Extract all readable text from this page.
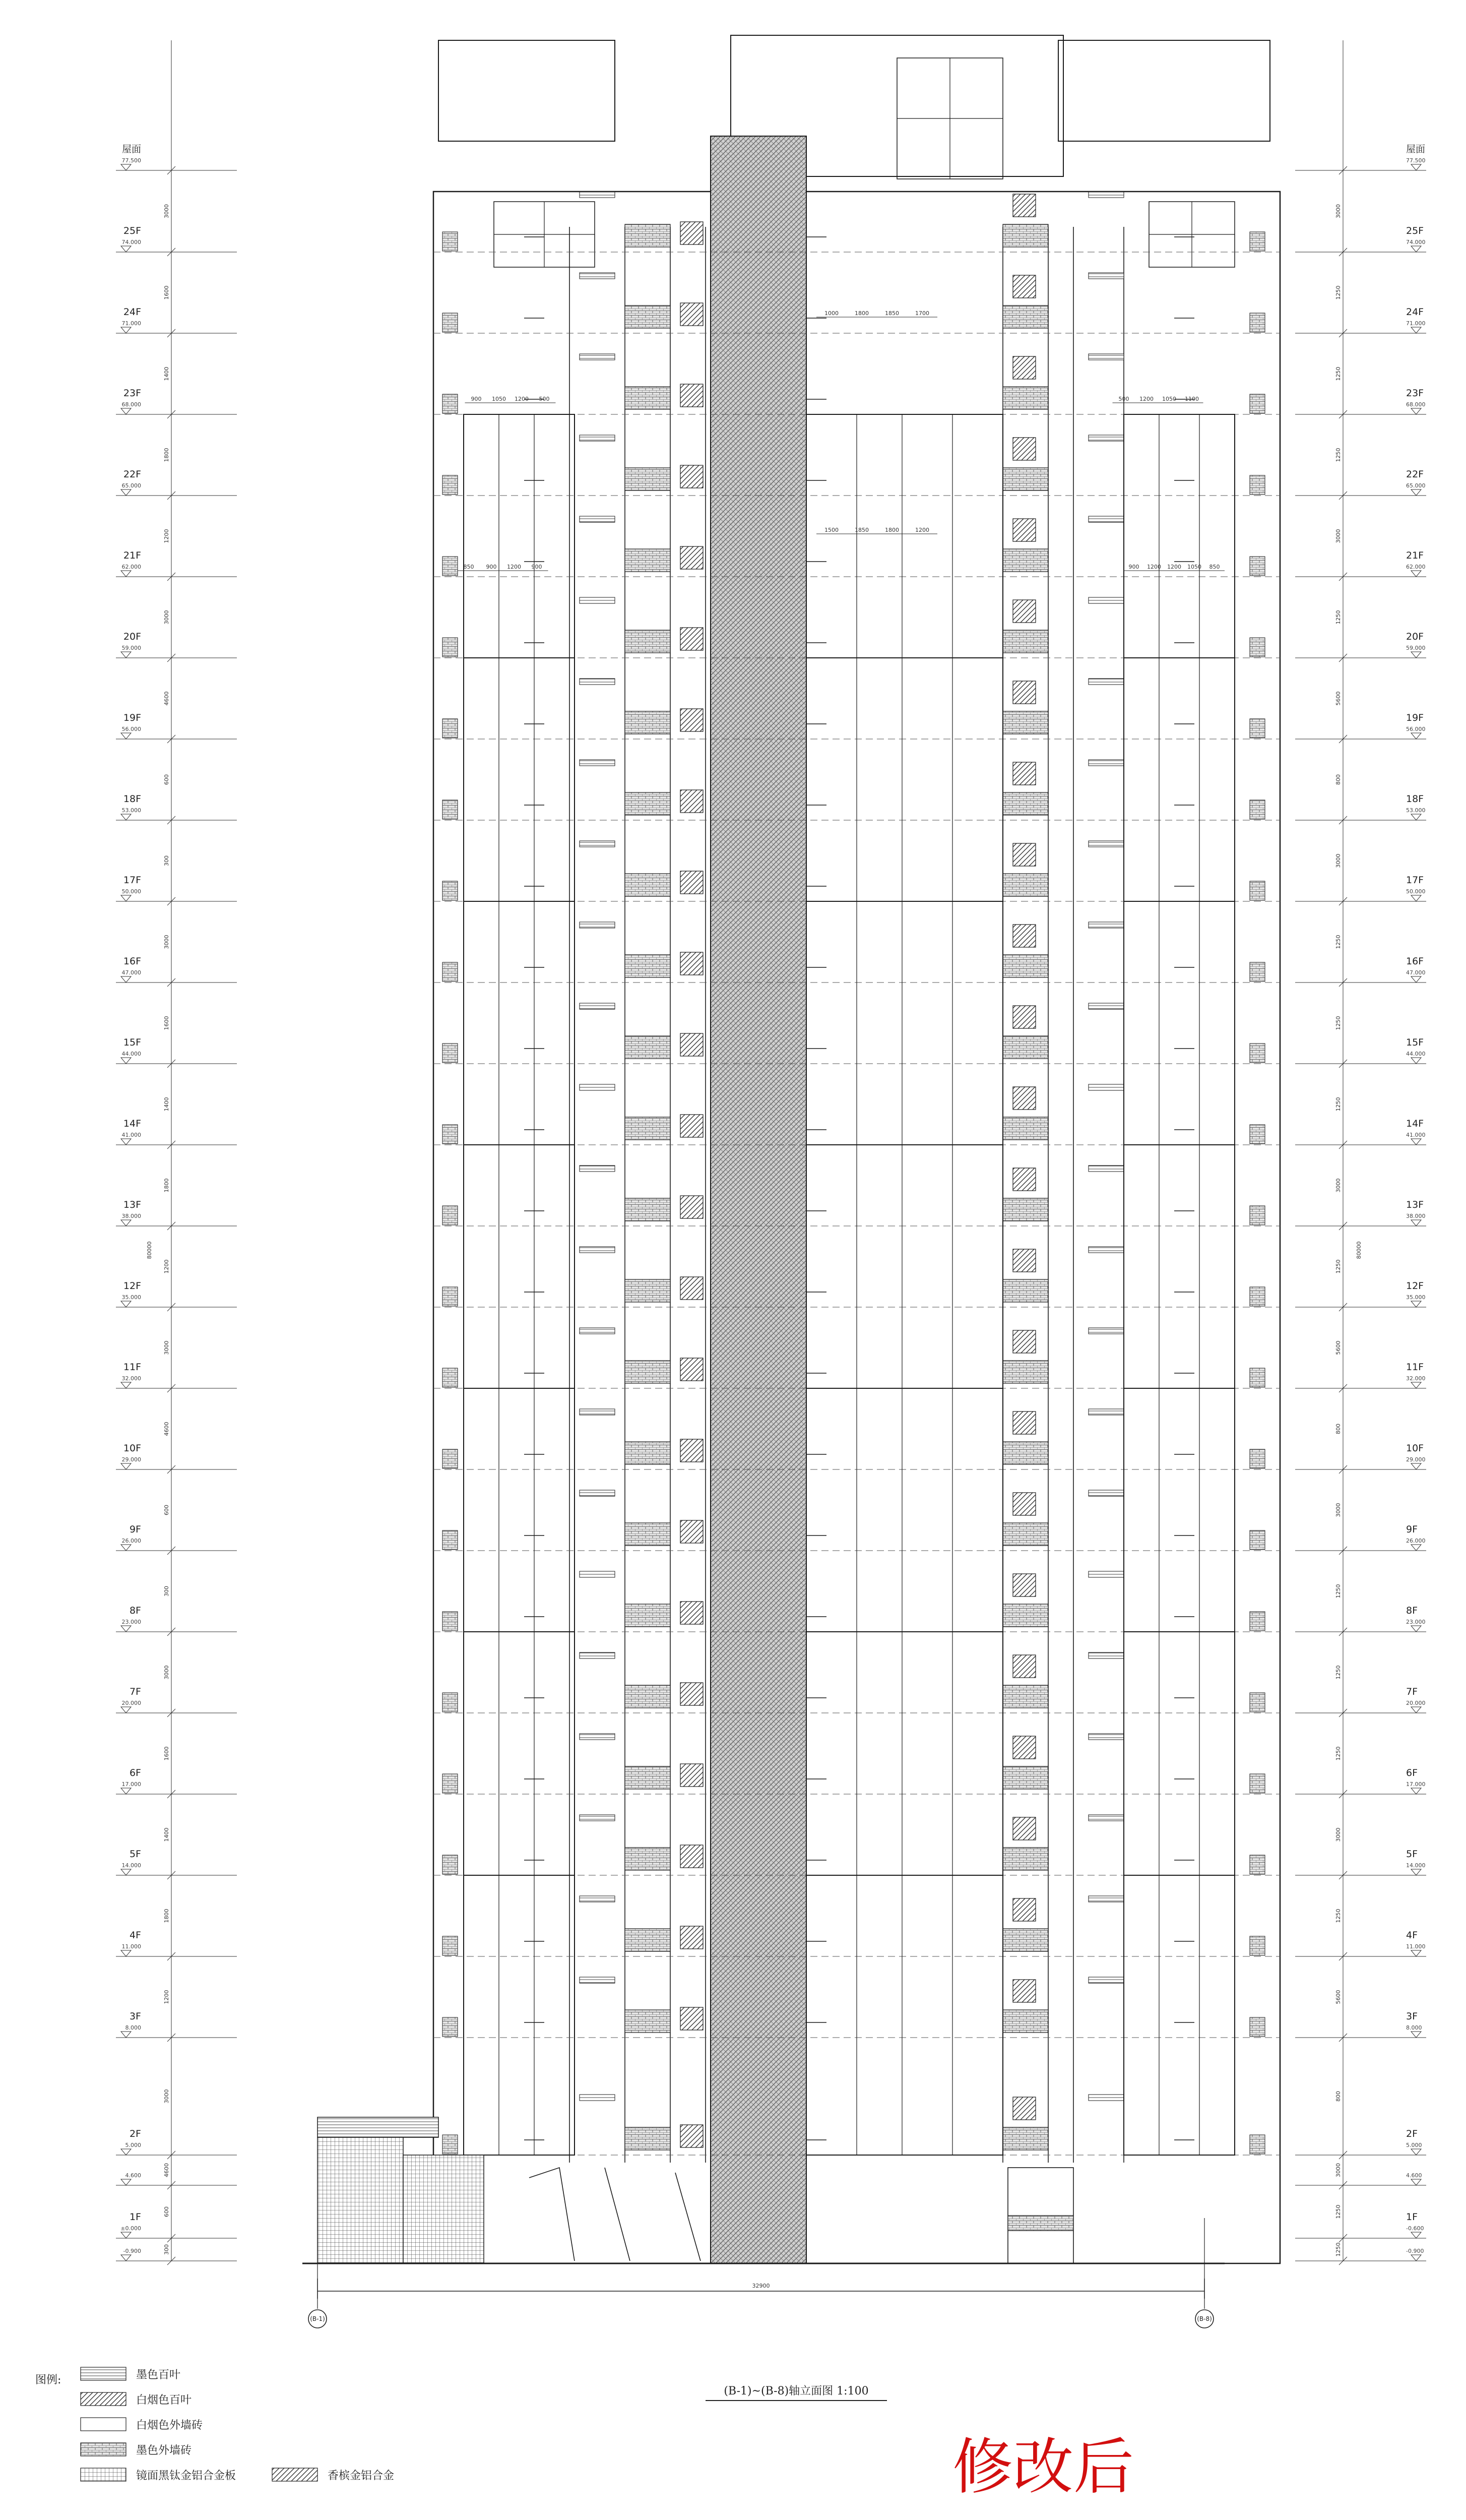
屋面
77.500
25F
74.000
24F
71.000
23F
68.000
22F
65.000
21F
62.000
20F
59.000
19F
56.000
18F
53.000
17F
50.000
16F
47.000
15F
44.000
14F
41.000
13F
38.000
12F
35.000
11F
32.000
10F
29.000
9F
26.000
8F
23.000
7F
20.000
6F
17.000
5F
14.000
4F
11.000
3F
8.000
2F
5.000
4.600
1F
±0.000
-0.900
3000
1600
1400
1800
1200
3000
4600
600
300
3000
1600
1400
1800
1200
3000
4600
600
300
3000
1600
1400
1800
1200
3000
4600
600
300
80000
屋面
77.500
25F
74.000
24F
71.000
23F
68.000
22F
65.000
21F
62.000
20F
59.000
19F
56.000
18F
53.000
17F
50.000
16F
47.000
15F
44.000
14F
41.000
13F
38.000
12F
35.000
11F
32.000
10F
29.000
9F
26.000
8F
23.000
7F
20.000
6F
17.000
5F
14.000
4F
11.000
3F
8.000
2F
5.000
4.600
1F
-0.600
-0.900
3000
1250
1250
1250
3000
1250
5600
800
3000
1250
1250
1250
3000
1250
5600
800
3000
1250
1250
1250
3000
1250
5600
800
3000
1250
1250
80000
1000	1800	1850	1700
900 1050 1200 500	500 1200 1050 1100
1500	1850	1800	1200
850 900 1200 900	900 1200 1200 1050 850
32900
(B-1)	(B-8)
(B-1)~(B-8)轴立面图 1:100
修改后
图例:	墨色百叶
白烟色百叶
白烟色外墙砖
墨色外墙砖
镜面黑钛金铝合金板	香槟金铝合金
